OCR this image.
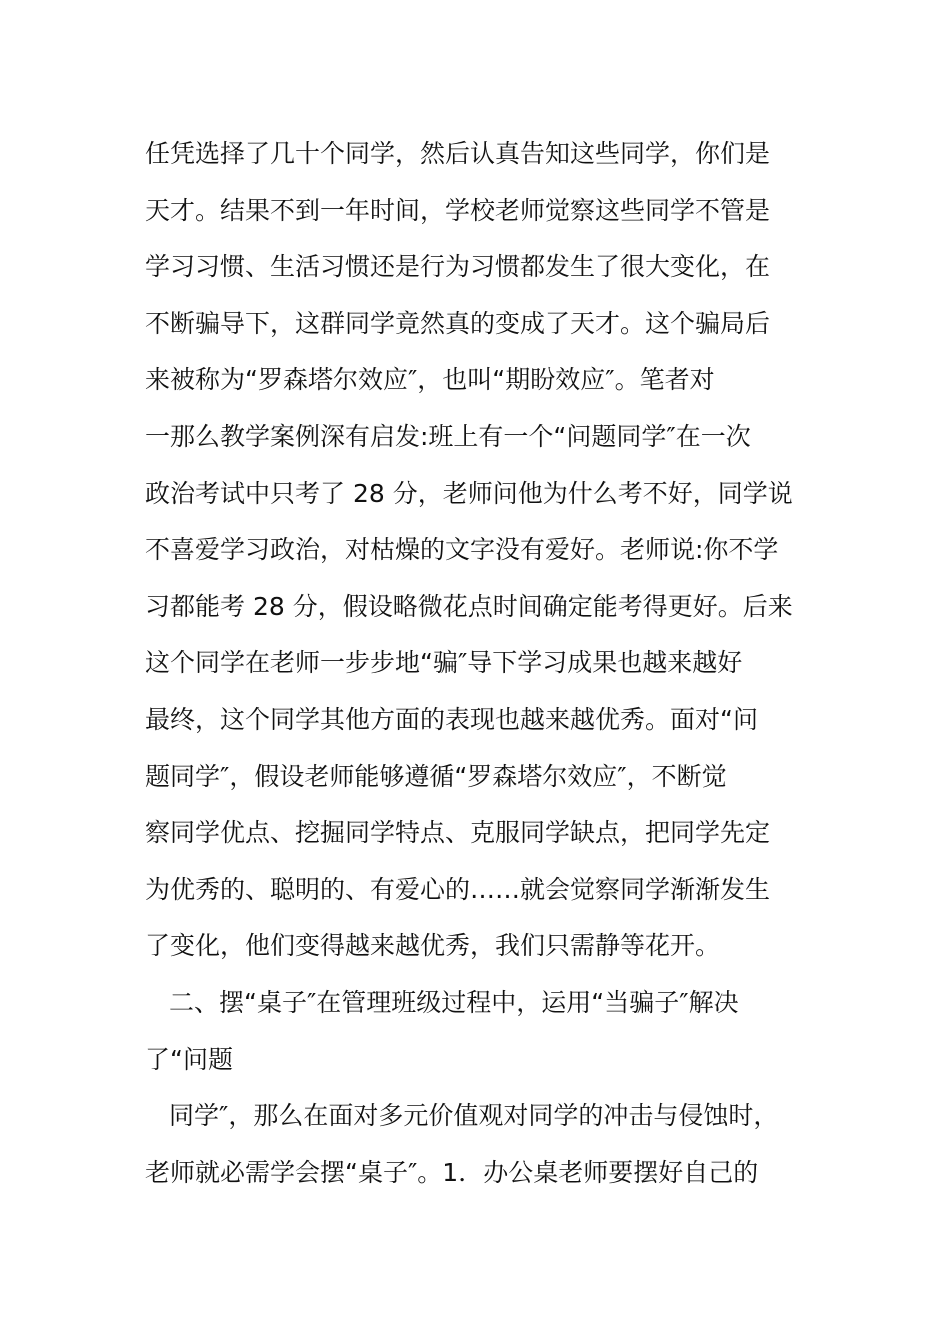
任凭选择了几十个同学，然后认真告知这些同学，你们是
天才。结果不到一年时间，学校老师觉察这些同学不管是
学习习惯、生活习惯还是行为习惯都发生了很大变化，在
不断骗导下，这群同学竟然真的变成了天才。这个骗局后
来被称为“罗森塔尔效应″，也叫“期盼效应″。笔者对
一那么教学案例深有启发:班上有一个“问题同学″在一次
政治考试中只考了 28 分，老师问他为什么考不好，同学说
不喜爱学习政治，对枯燥的文字没有爱好。老师说:你不学
习都能考 28 分，假设略微花点时间确定能考得更好。后来
这个同学在老师一步步地“骗″导下学习成果也越来越好
最终，这个同学其他方面的表现也越来越优秀。面对“问
题同学″，假设老师能够遵循“罗森塔尔效应″，不断觉
察同学优点、挖掘同学特点、克服同学缺点，把同学先定
为优秀的、聪明的、有爱心的……就会觉察同学渐渐发生
了变化，他们变得越来越优秀，我们只需静等花开。
二、摆“桌子″在管理班级过程中，运用“当骗子″解决
了“问题
同学″，那么在面对多元价值观对同学的冲击与侵蚀时，
老师就必需学会摆“桌子″。1．办公桌老师要摆好自己的
